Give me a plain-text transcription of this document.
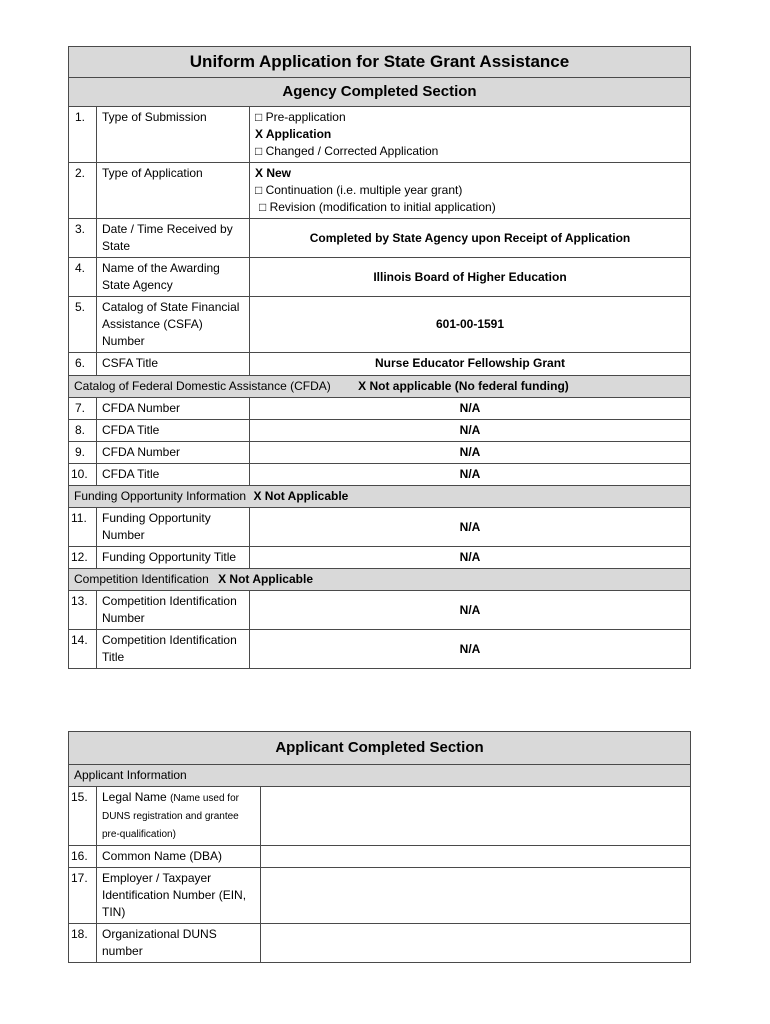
Uniform Application for State Grant Assistance		
Agency Completed Section		
1.	Type of Submission	□ Pre-application
X Application
□ Changed / Corrected Application

2.	Type of Application	X New
□ Continuation (i.e. multiple year grant)
□ Revision (modification to initial application)

3.	Date / Time Received by State	Completed by State Agency upon Receipt of Application
4.	Name of the Awarding State Agency	Illinois Board of Higher Education
5.	Catalog of State Financial Assistance (CSFA) Number	601-00-1591
6.	CSFA Title	Nurse Educator Fellowship Grant
Catalog of Federal Domestic Assistance (CFDA) X Not applicable (No federal funding)		
7.	CFDA Number	N/A
8.	CFDA Title	N/A
9.	CFDA Number	N/A
10.	CFDA Title	N/A
Funding Opportunity Information X Not Applicable		
11.	Funding Opportunity Number	N/A
12.	Funding Opportunity Title	N/A
Competition Identification X Not Applicable		
13.	Competition Identification Number	N/A
14.	Competition Identification Title	N/A
Applicant Completed Section		
Applicant Information		
15.	Legal Name (Name used for DUNS registration and grantee pre-qualification)	
16.	Common Name (DBA)	
17.	Employer / Taxpayer Identification Number (EIN, TIN)	
18.	Organizational DUNS number	
